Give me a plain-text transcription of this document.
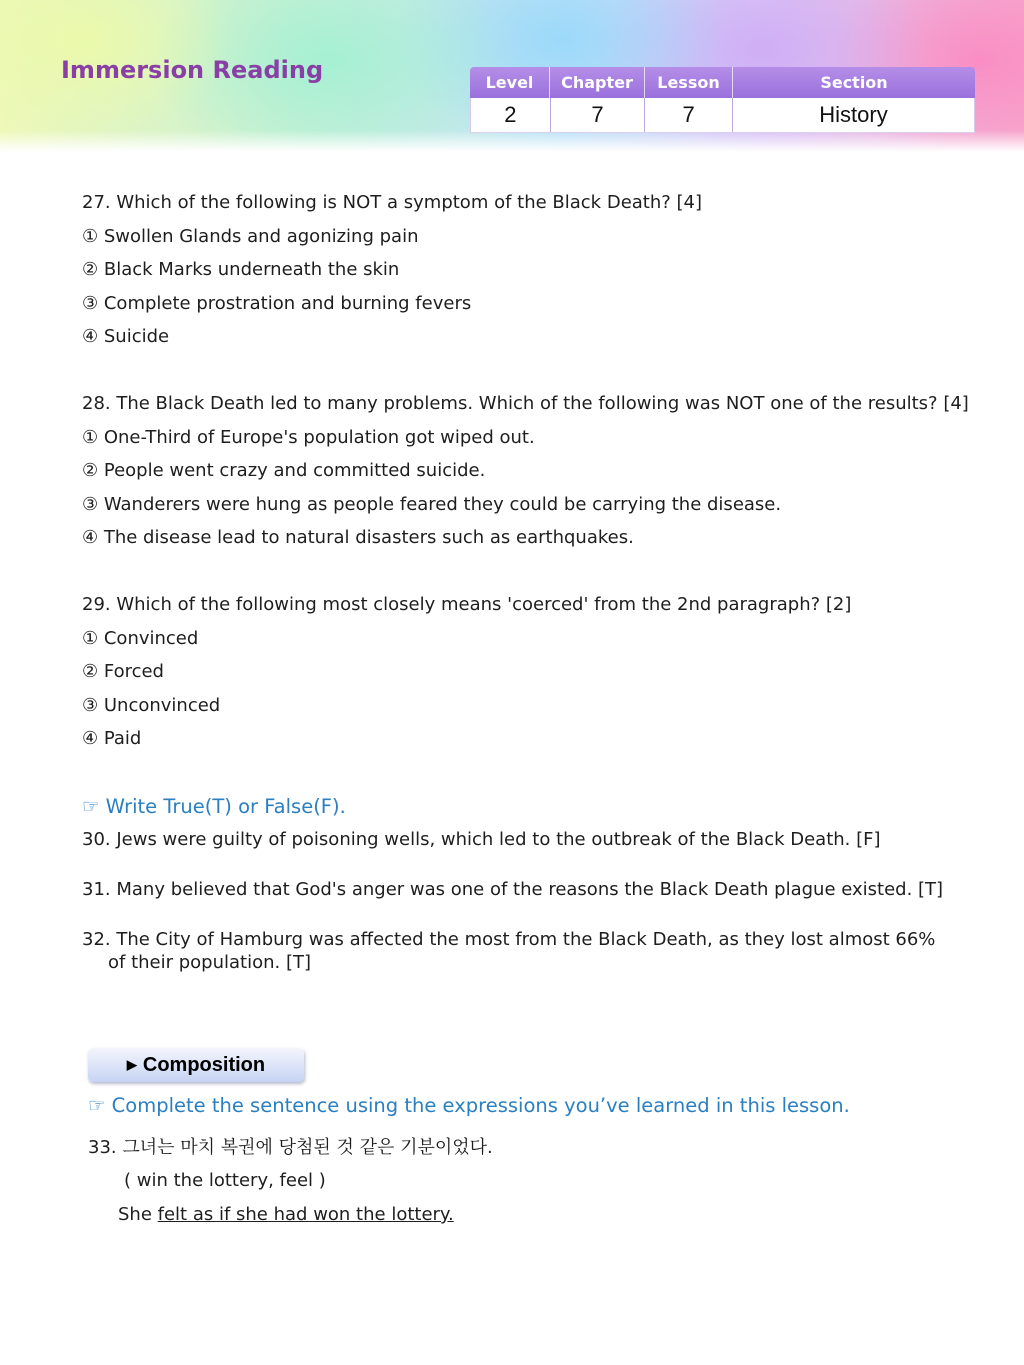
Immersion Reading	Level	Chapter	Lesson	Section
2	7	7	History

27. Which of the following is NOT a symptom of the Black Death? [4]

① Swollen Glands and agonizing pain

② Black Marks underneath the skin

③ Complete prostration and burning fevers

④ Suicide

28. The Black Death led to many problems. Which of the following was NOT one of the results? [4]

① One-Third of Europe's population got wiped out.

② People went crazy and committed suicide.

③ Wanderers were hung as people feared they could be carrying the disease.

④ The disease lead to natural disasters such as earthquakes.

29. Which of the following most closely means 'coerced' from the 2nd paragraph? [2]

① Convinced

② Forced

③ Unconvinced

④ Paid

☞ Write True(T) or False(F).

30. Jews were guilty of poisoning wells, which led to the outbreak of the Black Death. [F]

31. Many believed that God's anger was one of the reasons the Black Death plague existed. [T]

32. The City of Hamburg was affected the most from the Black Death, as they lost almost 66% of their population. [T]

▶ Composition

☞ Complete the sentence using the expressions you’ve learned in this lesson.

33. 그녀는 마치 복권에 당첨된 것 같은 기분이었다.

( win the lottery, feel )

She felt as if she had won the lottery.
